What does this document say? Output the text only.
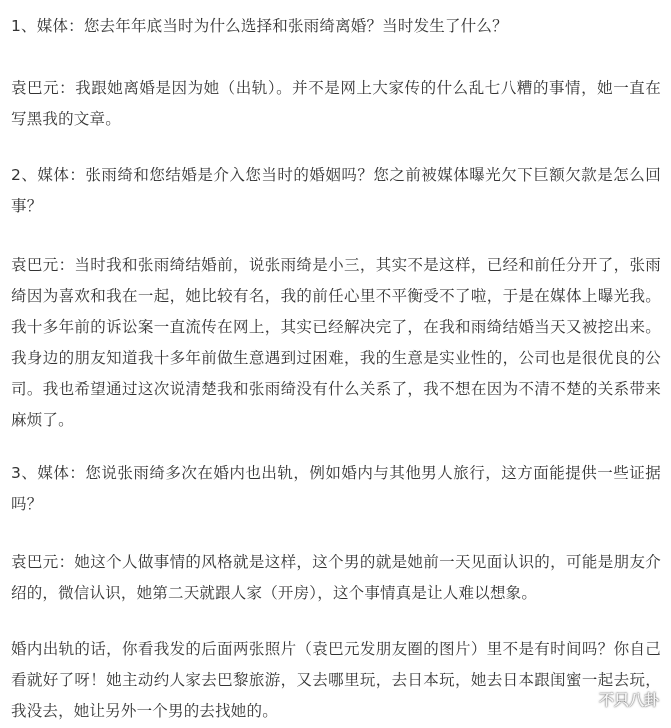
1、媒体：您去年年底当时为什么选择和张雨绮离婚？当时发生了什么？

袁巴元：我跟她离婚是因为她（出轨）。并不是网上大家传的什么乱七八糟的事情，她一直在写黑我的文章。

2、媒体：张雨绮和您结婚是介入您当时的婚姻吗？您之前被媒体曝光欠下巨额欠款是怎么回事？

袁巴元：当时我和张雨绮结婚前，说张雨绮是小三，其实不是这样，已经和前任分开了，张雨绮因为喜欢和我在一起，她比较有名，我的前任心里不平衡受不了啦，于是在媒体上曝光我。我十多年前的诉讼案一直流传在网上，其实已经解决完了，在我和雨绮结婚当天又被挖出来。我身边的朋友知道我十多年前做生意遇到过困难，我的生意是实业性的，公司也是很优良的公司。我也希望通过这次说清楚我和张雨绮没有什么关系了，我不想在因为不清不楚的关系带来麻烦了。

3、媒体：您说张雨绮多次在婚内也出轨，例如婚内与其他男人旅行，这方面能提供一些证据吗？

袁巴元：她这个人做事情的风格就是这样，这个男的就是她前一天见面认识的，可能是朋友介绍的，微信认识，她第二天就跟人家（开房），这个事情真是让人难以想象。

婚内出轨的话，你看我发的后面两张照片（袁巴元发朋友圈的图片）里不是有时间吗？你自己看就好了呀！她主动约人家去巴黎旅游，又去哪里玩，去日本玩，她去日本跟闺蜜一起去玩，我没去，她让另外一个男的去找她的。

不只八卦
